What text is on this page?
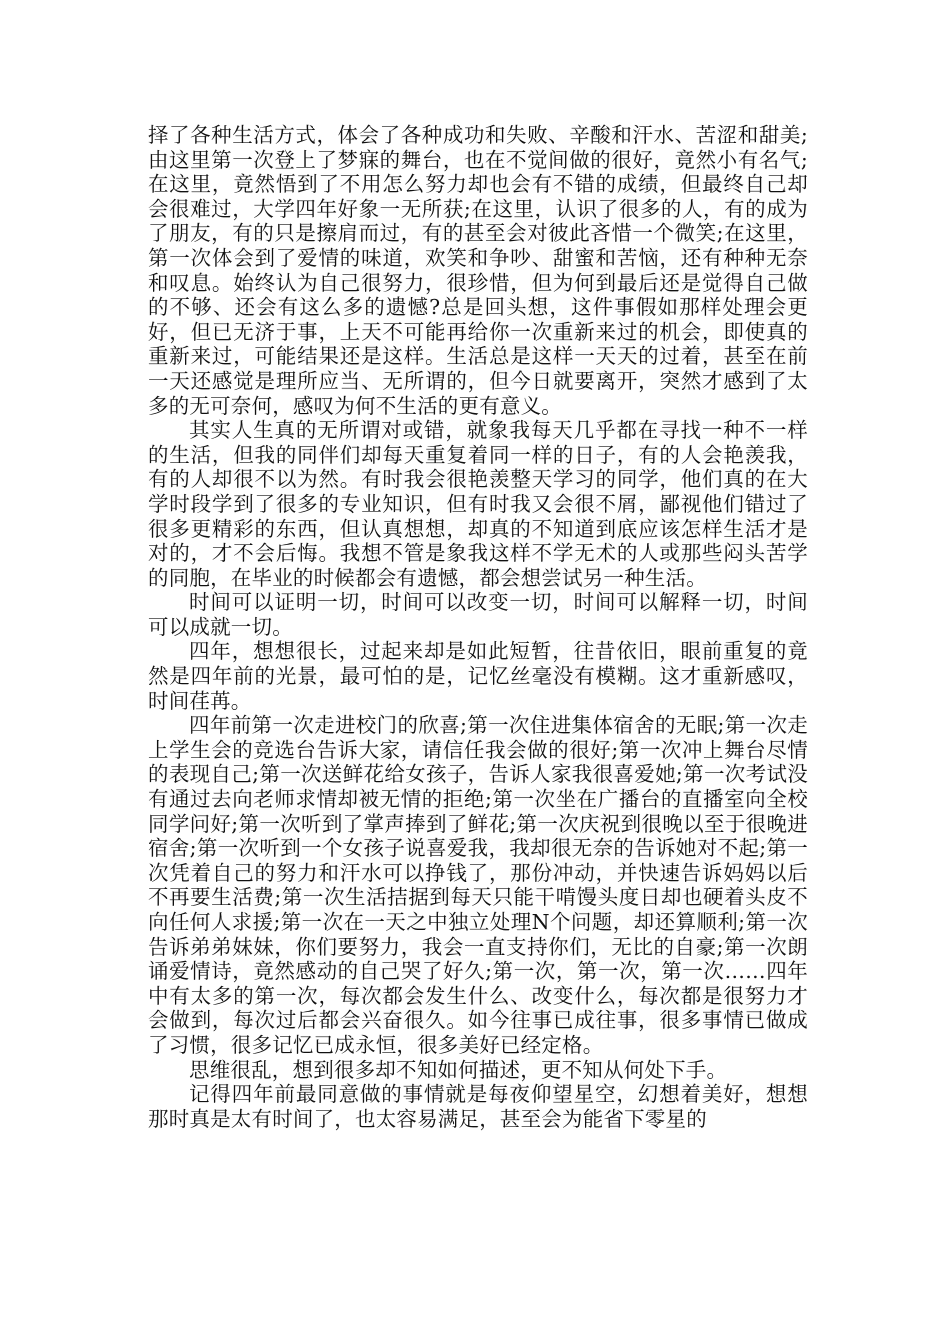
择了各种生活方式，体会了各种成功和失败、辛酸和汗水、苦涩和甜美;由这里第一次登上了梦寐的舞台，也在不觉间做的很好，竟然小有名气;在这里，竟然悟到了不用怎么努力却也会有不错的成绩，但最终自己却会很难过，大学四年好象一无所获;在这里，认识了很多的人，有的成为了朋友，有的只是擦肩而过，有的甚至会对彼此吝惜一个微笑;在这里，第一次体会到了爱情的味道，欢笑和争吵、甜蜜和苦恼，还有种种无奈和叹息。始终认为自己很努力，很珍惜，但为何到最后还是觉得自己做的不够、还会有这么多的遗憾?总是回头想，这件事假如那样处理会更好，但已无济于事，上天不可能再给你一次重新来过的机会，即使真的重新来过，可能结果还是这样。生活总是这样一天天的过着，甚至在前一天还感觉是理所应当、无所谓的，但今日就要离开，突然才感到了太多的无可奈何，感叹为何不生活的更有意义。

其实人生真的无所谓对或错，就象我每天几乎都在寻找一种不一样的生活，但我的同伴们却每天重复着同一样的日子，有的人会艳羡我，有的人却很不以为然。有时我会很艳羡整天学习的同学，他们真的在大学时段学到了很多的专业知识，但有时我又会很不屑，鄙视他们错过了很多更精彩的东西，但认真想想，却真的不知道到底应该怎样生活才是对的，才不会后悔。我想不管是象我这样不学无术的人或那些闷头苦学的同胞，在毕业的时候都会有遗憾，都会想尝试另一种生活。

时间可以证明一切，时间可以改变一切，时间可以解释一切，时间可以成就一切。

四年，想想很长，过起来却是如此短暂，往昔依旧，眼前重复的竟然是四年前的光景，最可怕的是，记忆丝毫没有模糊。这才重新感叹，时间荏苒。

四年前第一次走进校门的欣喜;第一次住进集体宿舍的无眠;第一次走上学生会的竞选台告诉大家，请信任我会做的很好;第一次冲上舞台尽情的表现自己;第一次送鲜花给女孩子，告诉人家我很喜爱她;第一次考试没有通过去向老师求情却被无情的拒绝;第一次坐在广播台的直播室向全校同学问好;第一次听到了掌声捧到了鲜花;第一次庆祝到很晚以至于很晚进宿舍;第一次听到一个女孩子说喜爱我，我却很无奈的告诉她对不起;第一次凭着自己的努力和汗水可以挣钱了，那份冲动，并快速告诉妈妈以后不再要生活费;第一次生活拮据到每天只能干啃馒头度日却也硬着头皮不向任何人求援;第一次在一天之中独立处理N个问题，却还算顺利;第一次告诉弟弟妹妹，你们要努力，我会一直支持你们，无比的自豪;第一次朗诵爱情诗，竟然感动的自己哭了好久;第一次，第一次，第一次……四年中有太多的第一次，每次都会发生什么、改变什么，每次都是很努力才会做到，每次过后都会兴奋很久。如今往事已成往事，很多事情已做成了习惯，很多记忆已成永恒，很多美好已经定格。

思维很乱，想到很多却不知如何描述，更不知从何处下手。

记得四年前最同意做的事情就是每夜仰望星空，幻想着美好，想想那时真是太有时间了，也太容易满足，甚至会为能省下零星的
